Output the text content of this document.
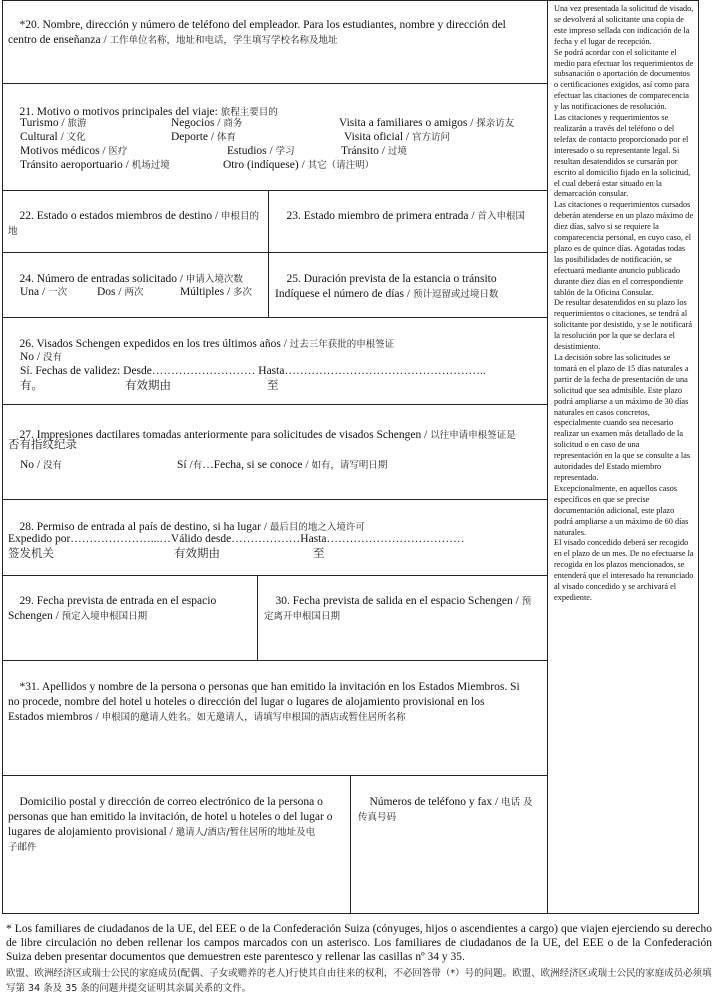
*20. Nombre, dirección y número de teléfono del empleador. Para los estudiantes, nombre y dirección del
centro de enseñanza / 工作单位名称，地址和电话，学生填写学校名称及地址

21. Motivo o motivos principales del viaje: 旅程主要目的

Turismo / 旅游	Negocios / 商务	Visita a familiares o amigos / 探亲访友
Cultural / 文化	Deporte / 体育	Visita oficial / 官方访问
Motivos médicos / 医疗	Estudios / 学习	Tránsito / 过境
Tránsito aeroportuario / 机场过境	Otro (indíquese) / 其它（请注明）

22. Estado o estados miembros de destino / 申根目的地

23. Estado miembro de primera entrada / 首入申根国

24. Número de entradas solicitado / 申请入境次数

Una / 一次	Dos / 两次	Múltiples / 多次

25. Duración prevista de la estancia o tránsito
Indíquese el número de días / 预计逗留或过境日数

26. Visados Schengen expedidos en los tres últimos años / 过去三年获批的申根签证

No / 没有
Sí. Fechas de validez: Desde……………………… Hasta……………………………………………..
有。	有效期由	至

27. Impresiones dactilares tomadas anteriormente para solicitudes de visados Schengen / 以往申请申根签证是

否有指纹纪录
No / 没有	Sí /有…Fecha, si se conoce / 如有，请写明日期

28. Permiso de entrada al país de destino, si ha lugar / 最后目的地之入境许可

Expedido por…………………...…Válido desde………………Hasta………………………………
签发机关	有效期由	至

29. Fecha prevista de entrada en el espacio
Schengen / 预定入境申根国日期

30. Fecha prevista de salida en el espacio Schengen / 预
定离开申根国日期

*31. Apellidos y nombre de la persona o personas que han emitido la invitación en los Estados Miembros. Si
no procede, nombre del hotel u hoteles o dirección del lugar o lugares de alojamiento provisional en los
Estados miembros / 申根国的邀请人姓名。如无邀请人，请填写申根国的酒店或暂住居所名称

Domicilio postal y dirección de correo electrónico de la persona o
personas que han emitido la invitación, de hotel u hoteles o del lugar o
lugares de alojamiento provisional / 邀请人/酒店/暂住居所的地址及电
子邮件

Números de teléfono y fax / 电话 及
传真号码

Una vez presentada la solicitud de visado, se devolverá al solicitante una copia de este impreso sellada con indicación de la fecha y el lugar de recepción.
Se podrá acordar con el solicitante el medio para efectuar los requerimientos de subsanación o aportación de documentos o certificaciones exigidos, así como para efectuar las citaciones de comparecencia y las notificaciones de resolución.
Las citaciones y requerimientos se realizarán a través del teléfono o del telefax de contacto proporcionado por el interesado o su representante legal. Si resultan desatendidos se cursarán por escrito al domicilio fijado en la solicitud, el cual deberá estar situado en la demarcación consular.
Las citaciones o requerimientos cursados deberán atenderse en un plazo máximo de diez días, salvo si se requiere la comparecencia personal, en cuyo caso, el plazo es de quince días. Agotadas todas las posibilidades de notificación, se efectuará mediante anuncio publicado durante diez días en el correspondiente tablón de la Oficina Consular.
De resultar desatendidos en su plazo los requerimientos o citaciones, se tendrá al solicitante por desistido, y se le notificará la resolución por la que se declara el desistimiento.
La decisión sobre las solicitudes se tomará en el plazo de 15 días naturales a partir de la fecha de presentación de una solicitud que sea admisible. Este plazo podrá ampliarse a un máximo de 30 días naturales en casos concretos, especialmente cuando sea necesario realizar un examen más detallado de la solicitud o en caso de una   representación en la que se consulte a las autoridades del Estado miembro representado.
Excepcionalmente, en aquellos casos específicos en que se precise documentación adicional, este plazo podrá ampliarse a un máximo de 60 días naturales.
El visado concedido deberá ser recogido en el plazo de un mes. De no efectuarse la recogida en los plazos mencionados, se entenderá que el interesado ha renunciado al visado concedido y se archivará el expediente.
* Los familiares de ciudadanos de la UE, del EEE o de la Confederación Suiza (cónyuges, hijos o ascendientes a cargo) que viajen ejerciendo su derecho de libre circulación no deben rellenar los campos marcados con un asterisco. Los familiares de ciudadanos de la UE, del EEE o de la Confederación Suiza deben presentar documentos que demuestren este parentesco y rellenar las casillas nº 34 y 35.
欧盟、欧洲经济区或瑞士公民的家庭成员(配偶、子女或赡养的老人)行使其自由往来的权利，不必回答带（*）号的问题。欧盟、欧洲经济区或瑞士公民的家庭成员必须填写第 34 条及 35 条的问题并提交证明其亲属关系的文件。
